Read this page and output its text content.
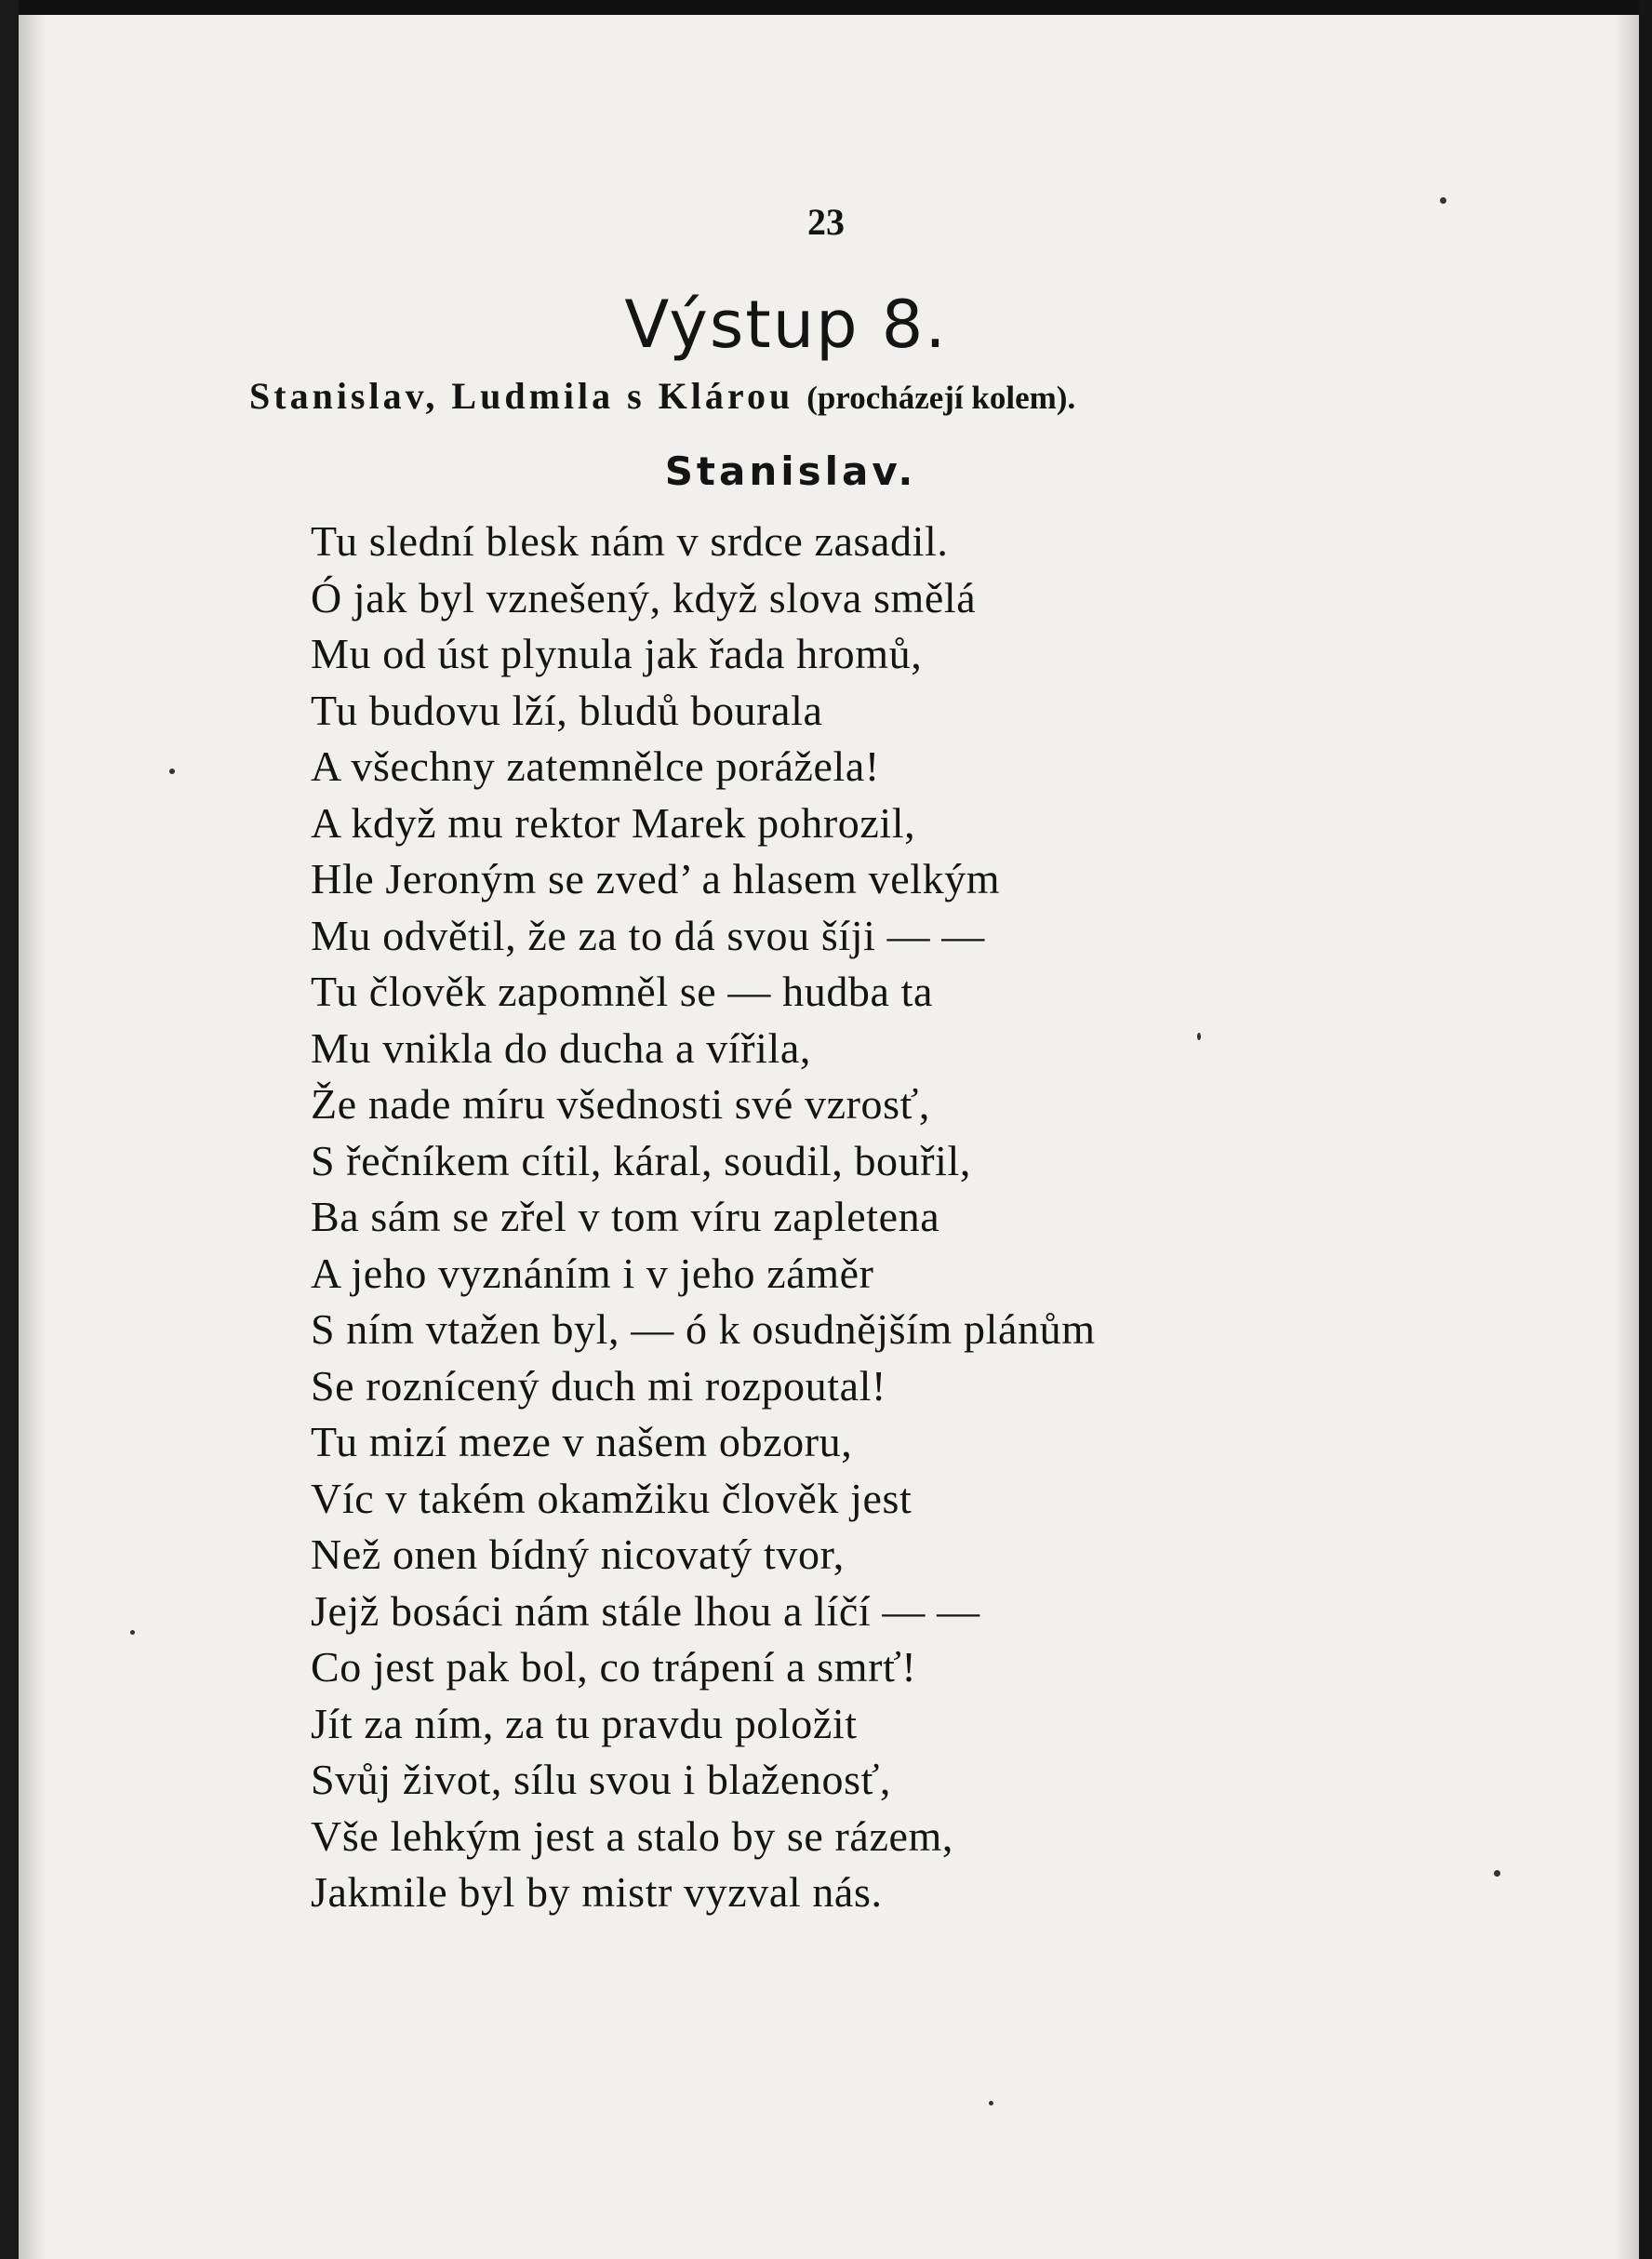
23
Výstup 8.
Stanislav, Ludmila s Klárou (procházejí kolem).
Stanislav.
Tu slední blesk nám v srdce zasadil.
Ó jak byl vznešený, když slova smělá
Mu od úst plynula jak řada hromů,
Tu budovu lží, bludů bourala
A všechny zatemnělce porážela!
A když mu rektor Marek pohrozil,
Hle Jeroným se zved’ a hlasem velkým
Mu odvětil, že za to dá svou šíji — —
Tu člověk zapomněl se — hudba ta
Mu vnikla do ducha a vířila,
Že nade míru všednosti své vzrosť,
S řečníkem cítil, káral, soudil, bouřil,
Ba sám se zřel v tom víru zapletena
A jeho vyznáním i v jeho záměr
S ním vtažen byl, — ó k osudnějším plánům
Se roznícený duch mi rozpoutal!
Tu mizí meze v našem obzoru,
Víc v takém okamžiku člověk jest
Než onen bídný nicovatý tvor,
Jejž bosáci nám stále lhou a líčí — —
Co jest pak bol, co trápení a smrť!
Jít za ním, za tu pravdu položit
Svůj život, sílu svou i blaženosť,
Vše lehkým jest a stalo by se rázem,
Jakmile byl by mistr vyzval nás.
